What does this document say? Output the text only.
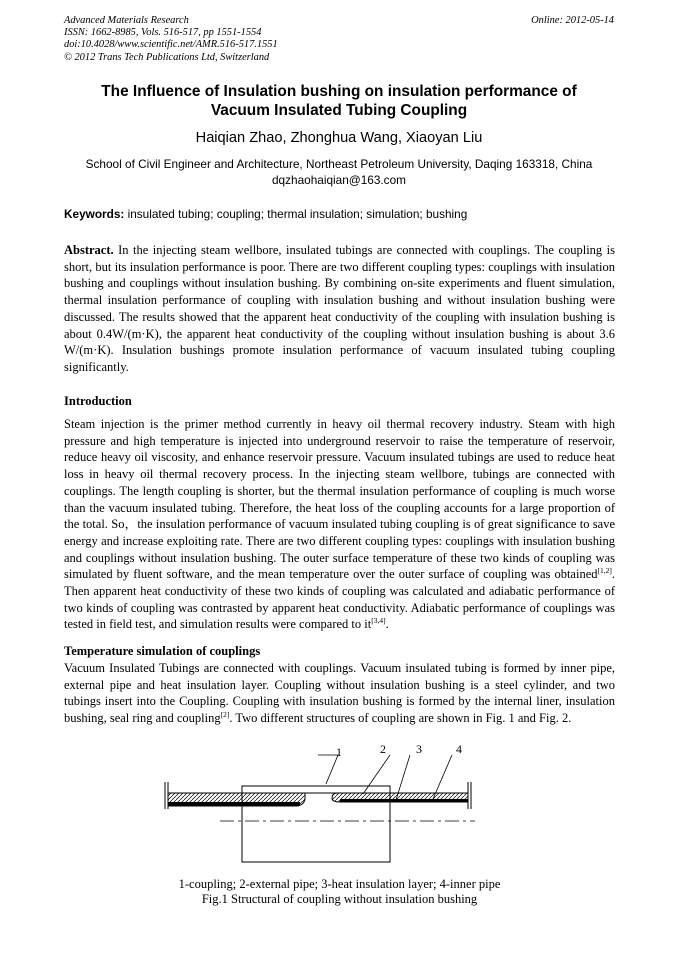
Advanced Materials Research
ISSN: 1662-8985, Vols. 516-517, pp 1551-1554
doi:10.4028/www.scientific.net/AMR.516-517.1551
© 2012 Trans Tech Publications Ltd, Switzerland
Online: 2012-05-14
The Influence of Insulation bushing on insulation performance of
Vacuum Insulated Tubing Coupling
Haiqian Zhao, Zhonghua Wang, Xiaoyan Liu
School of Civil Engineer and Architecture, Northeast Petroleum University, Daqing 163318, China
dqzhaohaiqian@163.com
Keywords: insulated tubing; coupling; thermal insulation; simulation; bushing
Abstract. In the injecting steam wellbore, insulated tubings are connected with couplings. The coupling is short, but its insulation performance is poor. There are two different coupling types: couplings with insulation bushing and couplings without insulation bushing. By combining on-site experiments and fluent simulation, thermal insulation performance of coupling with insulation bushing and without insulation bushing were discussed. The results showed that the apparent heat conductivity of the coupling with insulation bushing is about 0.4W/(m·K), the apparent heat conductivity of the coupling without insulation bushing is about 3.6 W/(m·K). Insulation bushings promote insulation performance of vacuum insulated tubing coupling significantly.
Introduction
Steam injection is the primer method currently in heavy oil thermal recovery industry. Steam with high pressure and high temperature is injected into underground reservoir to raise the temperature of reservoir, reduce heavy oil viscosity, and enhance reservoir pressure. Vacuum insulated tubings are used to reduce heat loss in heavy oil thermal recovery process. In the injecting steam wellbore, tubings are connected with couplings. The length coupling is shorter, but the thermal insulation performance of coupling is much worse than the vacuum insulated tubing. Therefore, the heat loss of the coupling accounts for a large proportion of the total. So，the insulation performance of vacuum insulated tubing coupling is of great significance to save energy and increase exploiting rate. There are two different coupling types: couplings with insulation bushing and couplings without insulation bushing. The outer surface temperature of these two kinds of coupling was simulated by fluent software, and the mean temperature over the outer surface of coupling was obtained[1,2]. Then apparent heat conductivity of these two kinds of coupling was calculated and adiabatic performance of two kinds of coupling was contrasted by apparent heat conductivity. Adiabatic performance of couplings was tested in field test, and simulation results were compared to it[3,4].
Temperature simulation of couplings
Vacuum Insulated Tubings are connected with couplings. Vacuum insulated tubing is formed by inner pipe, external pipe and heat insulation layer. Coupling without insulation bushing is a steel cylinder, and two tubings insert into the Coupling. Coupling with insulation bushing is formed by the internal liner, insulation bushing, seal ring and coupling[2]. Two different structures of coupling are shown in Fig. 1 and Fig. 2.
1	2	3	4
1-coupling; 2-external pipe; 3-heat insulation layer; 4-inner pipe
Fig.1 Structural of coupling without insulation bushing
